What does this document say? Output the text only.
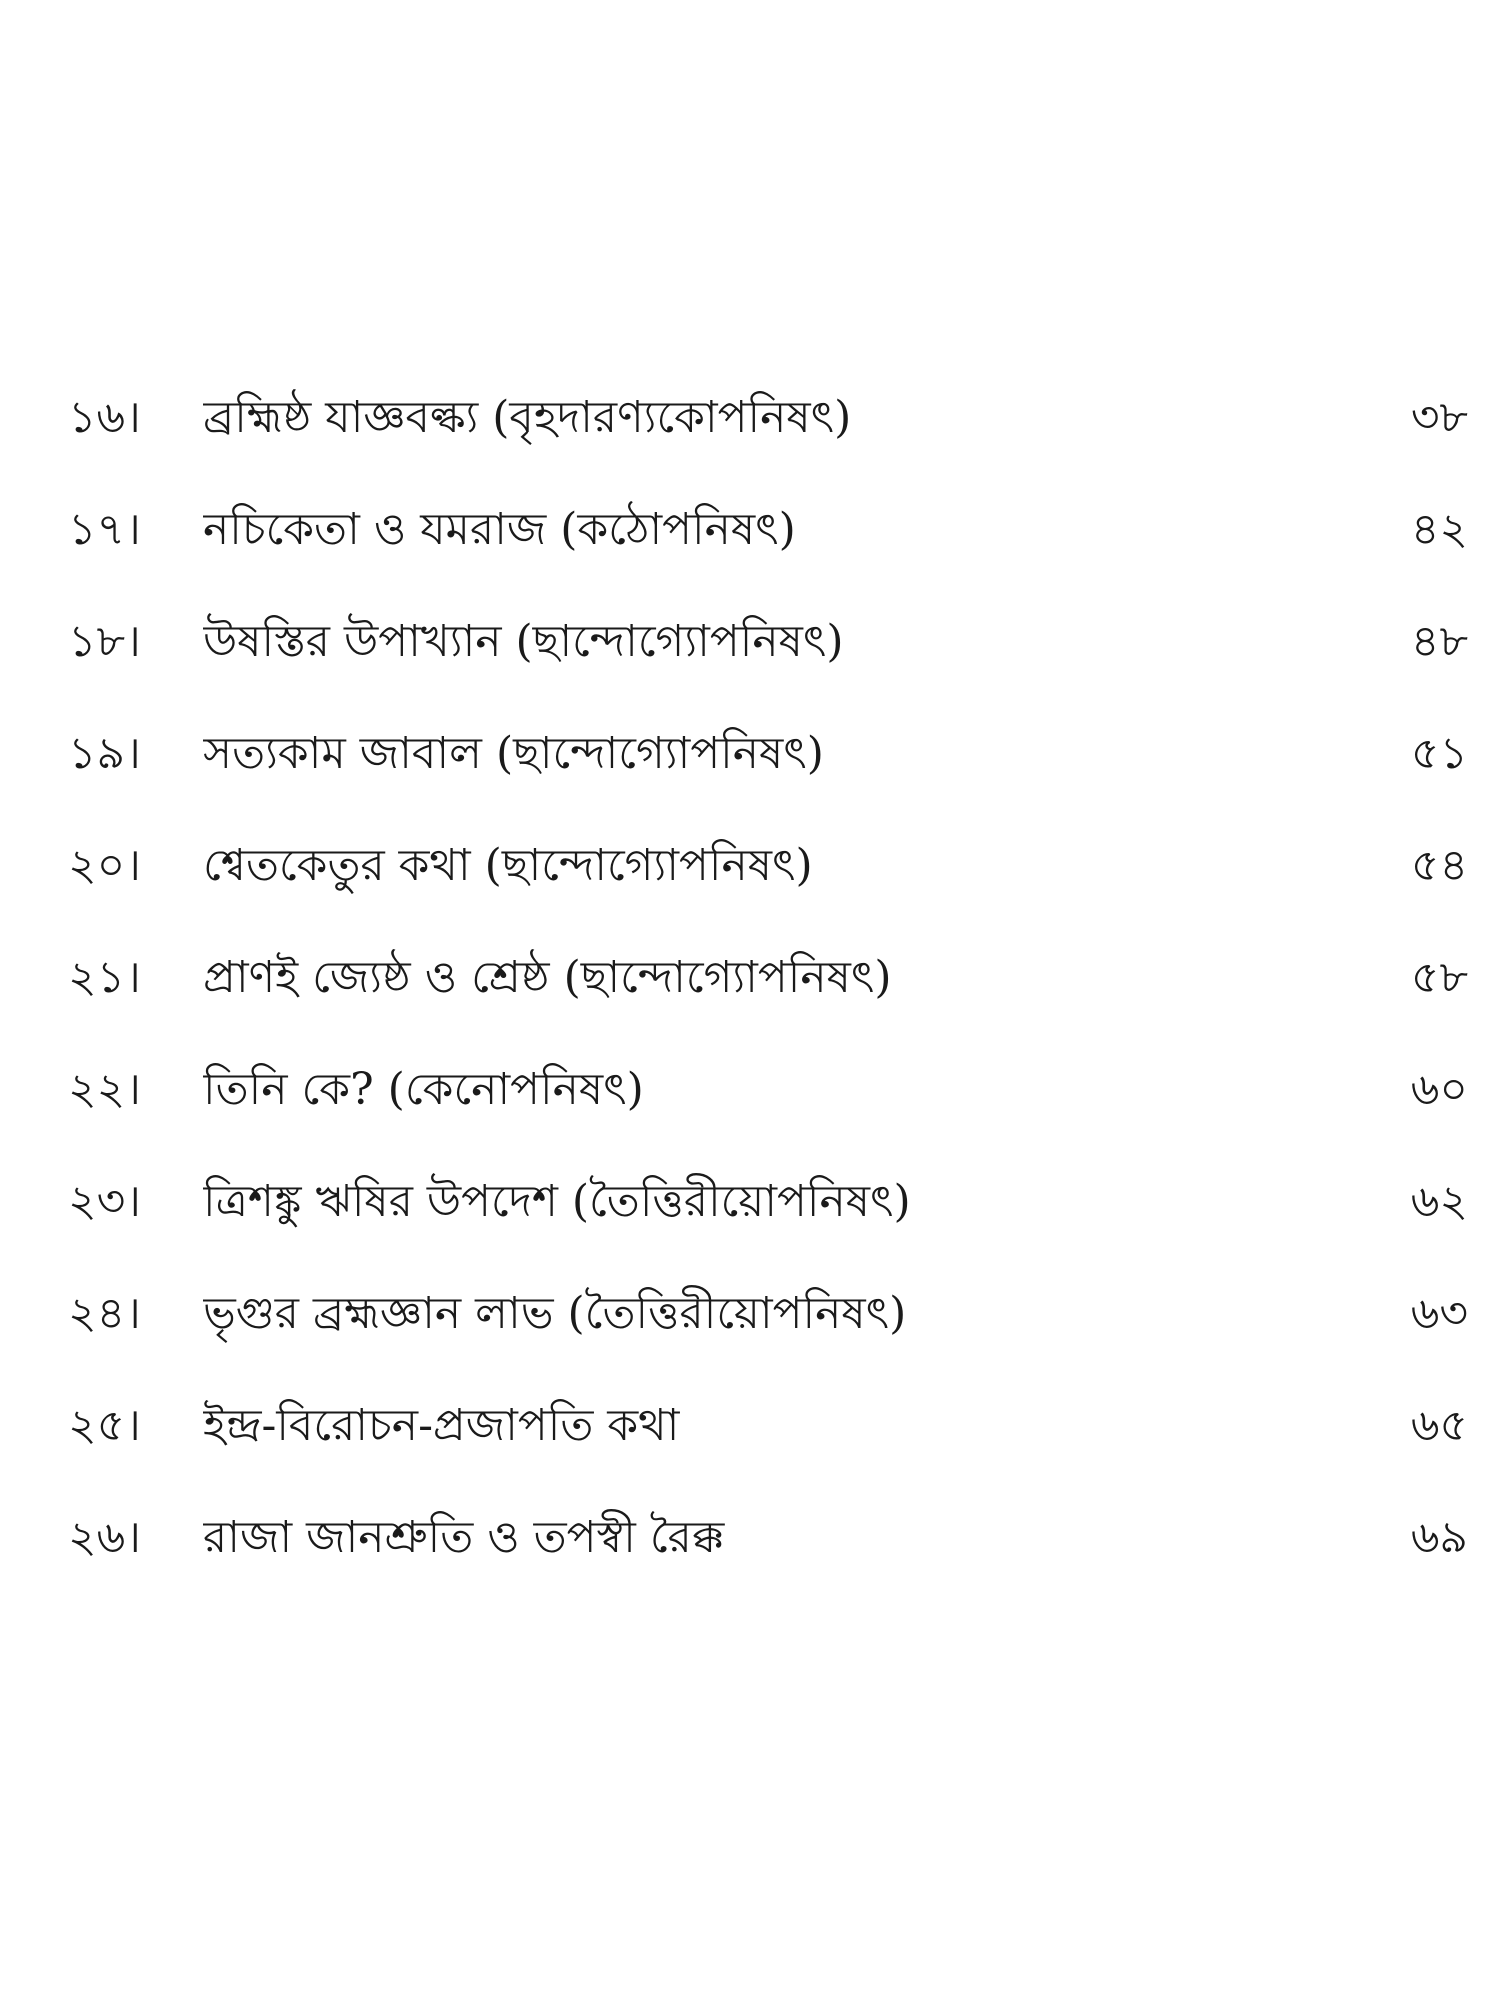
১৬।	ব্রহ্মিষ্ঠ যাজ্ঞবল্ক্য (বৃহদারণ্যকোপনিষৎ)	৩৮
১৭।	নচিকেতা ও যমরাজ (কঠোপনিষৎ)	৪২
১৮।	উষস্তির উপাখ্যান (ছান্দোগ্যোপনিষৎ)	৪৮
১৯।	সত্যকাম জাবাল (ছান্দোগ্যোপনিষৎ)	৫১
২০।	শ্বেতকেতুর কথা (ছান্দোগ্যোপনিষৎ)	৫৪
২১।	প্রাণই জ্যেষ্ঠ ও শ্রেষ্ঠ (ছান্দোগ্যোপনিষৎ)	৫৮
২২।	তিনি কে? (কেনোপনিষৎ)	৬০
২৩।	ত্রিশঙ্কু ঋষির উপদেশ (তৈত্তিরীয়োপনিষৎ)	৬২
২৪।	ভৃগুর ব্রহ্মজ্ঞান লাভ (তৈত্তিরীয়োপনিষৎ)	৬৩
২৫।	ইন্দ্র-বিরোচন-প্রজাপতি কথা	৬৫
২৬।	রাজা জানশ্রুতি ও তপস্বী রৈক্ক	৬৯
